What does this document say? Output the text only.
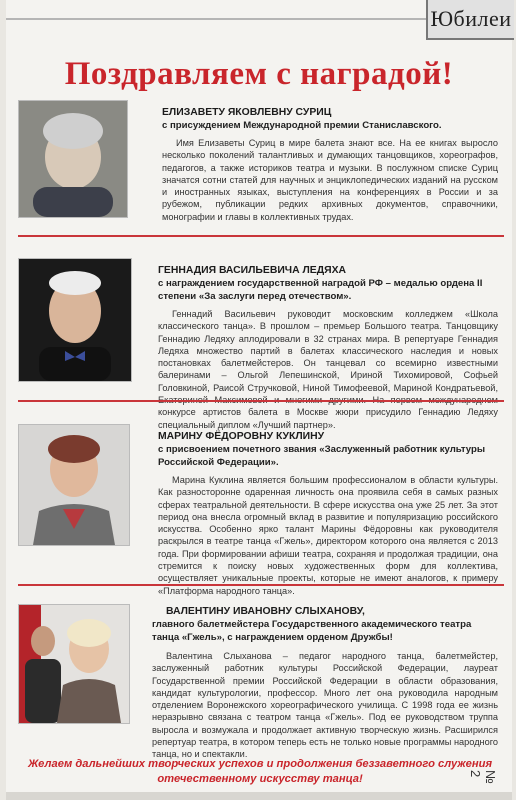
Юбилеи
Поздравляем с наградой!
ЕЛИЗАВЕТУ ЯКОВЛЕВНУ СУРИЦ
с присуждением Международной премии Станиславского.
Имя Елизаветы Суриц в мире балета знают все. На ее книгах выросло несколько поколений талантливых и думающих танцовщиков, хореографов, педагогов, а также историков театра и музыки. В послужном списке Суриц значатся сотни статей для научных и энциклопедических изданий на русском и иностранных языках, выступления на конференциях в России и за рубежом, публикации редких архивных документов, справочники, монографии и главы в коллективных трудах.
ГЕННАДИЯ ВАСИЛЬЕВИЧА ЛЕДЯХА
с награждением государственной наградой РФ – медалью ордена II степени «За заслуги перед отечеством».
Геннадий Васильевич руководит московским колледжем «Школа классического танца». В прошлом – премьер Большого театра. Танцовщику Геннадию Ледяху аплодировали в 32 странах мира. В репертуаре Геннадия Ледяха множество партий в балетах классического наследия и новых постановках балетмейстеров. Он танцевал со всемирно известными балеринами – Ольгой Лепешинской, Ириной Тихомировой, Софьей Головкиной, Раисой Стручковой, Ниной Тимофеевой, Мариной Кондратьевой, конкурсе артистов балета в Москве жюри присудило Геннадию Ледяху специальный диплом «Лучший партнер».
МАРИНУ ФЁДОРОВНУ КУКЛИНУ
с присвоением почетного звания «Заслуженный работник культуры Российской Федерации».
Марина Куклина является большим профессионалом в области культуры. Как разносторонне одаренная личность она проявила себя в самых разных сферах театральной деятельности. В сфере искусства она уже 25 лет. За этот период она внесла огромный вклад в развитие и популяризацию российского искусства. Особенно ярко талант Марины Фёдоровны как руководителя раскрылся в театре танца «Гжель», директором которого она является с 2013 года. При формировании афиши театра, сохраняя и продолжая традиции, она стремится к поиску новых художественных форм для коллектива, осуществляет уникальные проекты, которые не имеют аналогов, к примеру «Платформа народного танца».
ВАЛЕНТИНУ ИВАНОВНУ СЛЫХАНОВУ,
главного балетмейстера Государственного академического театра танца «Гжель», с награждением орденом Дружбы!
Валентина Слыханова – педагог народного танца, балетмейстер, заслуженный работник культуры Российской Федерации, лауреат Государственной премии Российской Федерации в области образования, кандидат культурологии, профессор. Много лет она руководила народным отделением Воронежского хореографического училища. С 1998 года ее жизнь неразрывно связана с театром танца «Гжель». Под ее руководством труппа выросла и возмужала и продолжает активную творческую жизнь. Расширился репертуар театра, в котором теперь есть не только новые программы народного танца, но и спектакли.
Желаем дальнейших творческих успехов и продолжения беззаветного служения отечественному искусству танца!	№ 2
